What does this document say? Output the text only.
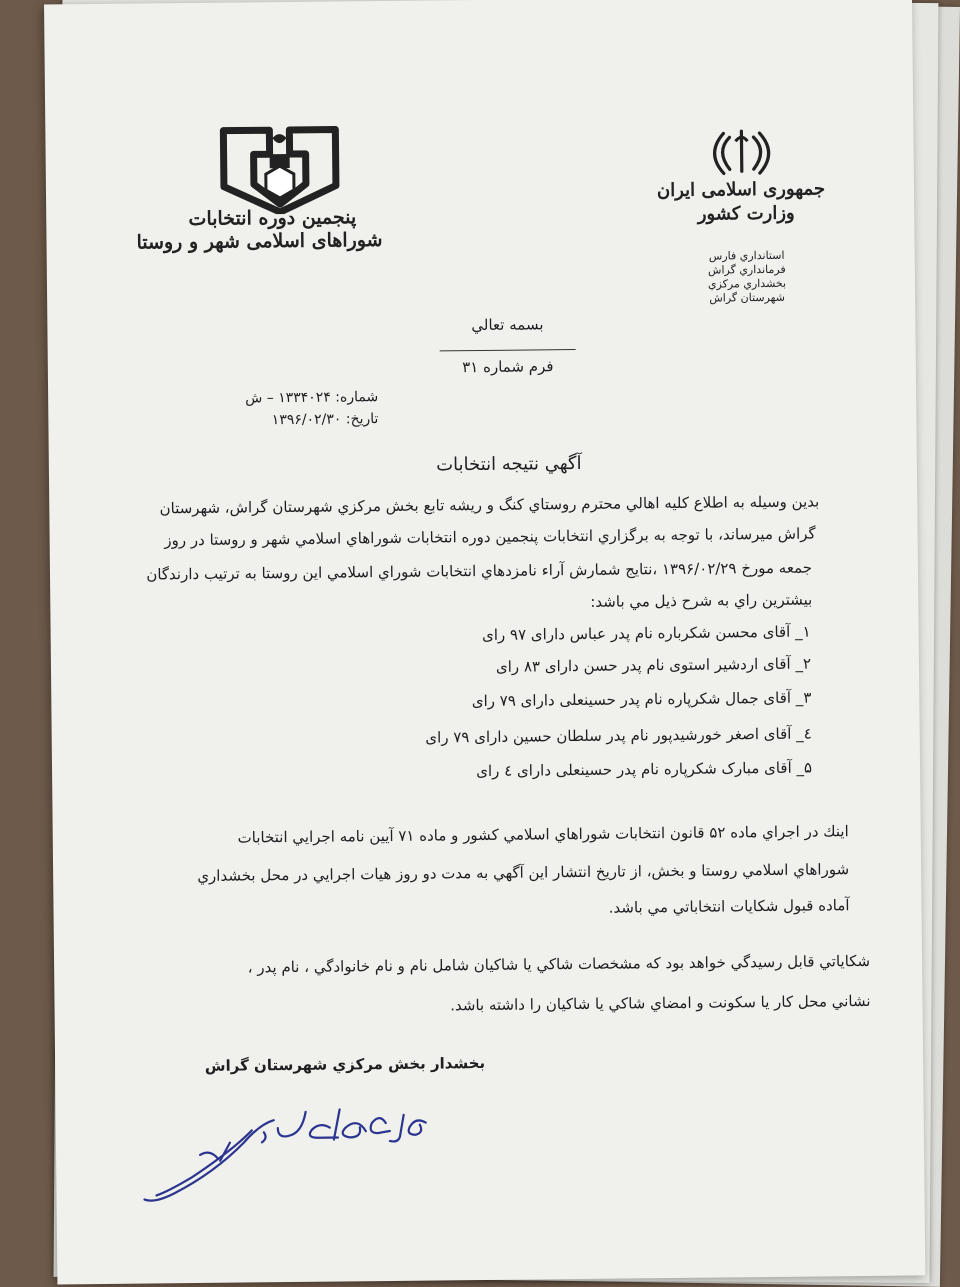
پنجمین دوره انتخابات
شوراهای اسلامی شهر و روستا
جمهوری اسلامی ایران
وزارت کشور
استانداري فارس
فرمانداري گراش
بخشداري مركزي
شهرستان گراش
بسمه تعالي
فرم شماره ۳۱
شماره: ۱۳۳۴۰۲۴ – ش
تاريخ: ۱۳۹۶/۰۲/۳۰
آگهي نتيجه انتخابات
بدين وسيله به اطلاع كليه اهالي محترم روستاي كنگ و ريشه تابع بخش مركزي شهرستان گراش، شهرستان
گراش ميرساند، با توجه به برگزاري انتخابات پنجمين دوره انتخابات شوراهاي اسلامي شهر و روستا در روز
جمعه مورخ ۱۳۹۶/۰۲/۲۹ ،نتايج شمارش آراء نامزدهاي انتخابات شوراي اسلامي اين روستا به ترتيب دارندگان
بيشترين راي به شرح ذيل مي باشد:
۱_ آقای محسن شکرباره نام پدر عباس دارای ۹۷ رای
۲_ آقای اردشیر استوی نام پدر حسن دارای ۸۳ رای
۳_ آقای جمال شکرپاره نام پدر حسینعلی دارای ۷۹ رای
٤_ آقای اصغر خورشیدپور نام پدر سلطان حسین دارای ۷۹ رای
۵_ آقای مبارک شکرپاره نام پدر حسینعلی دارای ٤ رای
اينك در اجراي ماده ۵۲ قانون انتخابات شوراهاي اسلامي كشور و ماده ۷۱ آيين نامه اجرايي انتخابات
شوراهاي اسلامي روستا و بخش، از تاريخ انتشار اين آگهي به مدت دو روز هيات اجرايي در محل بخشداري
آماده قبول شكايات انتخاباتي مي باشد.
شكاياتي قابل رسيدگي خواهد بود كه مشخصات شاكي يا شاكيان شامل نام و نام خانوادگي ، نام پدر ،
نشاني محل كار يا سكونت و امضاي شاكي يا شاكيان را داشته باشد.
بخشدار بخش مركزي شهرستان گراش
